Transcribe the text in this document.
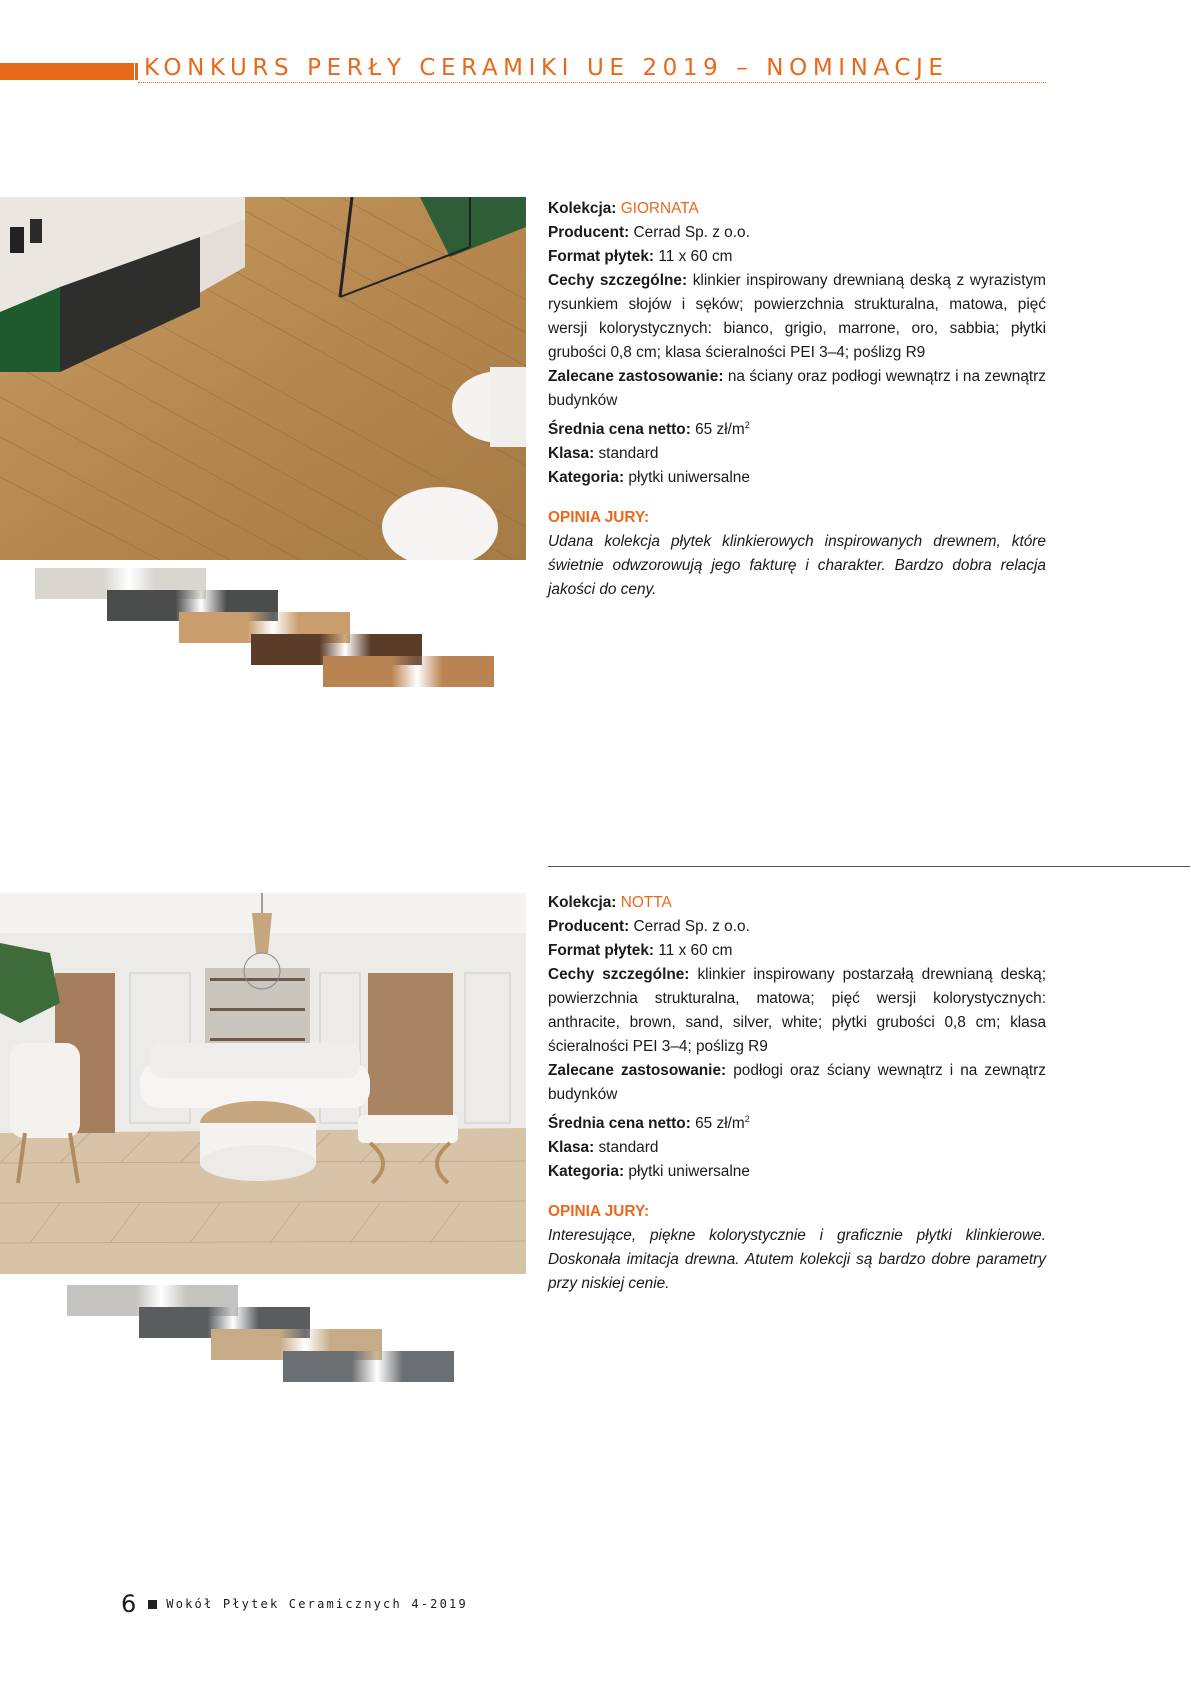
KONKURS PERŁY CERAMIKI UE 2019 – NOMINACJE

Kolekcja: GIORNATA

Producent: Cerrad Sp. z o.o.

Format płytek: 11 x 60 cm

Cechy szczególne: klinkier inspirowany drewnianą deską z wyrazistym rysunkiem słojów i sęków; powierzchnia strukturalna, matowa, pięć wersji kolorystycznych: bianco, grigio, marrone, oro, sabbia; płytki grubości 0,8 cm; klasa ścieralności PEI 3–4; poślizg R9

Zalecane zastosowanie: na ściany oraz podłogi wewnątrz i na zewnątrz budynków

Średnia cena netto: 65 $zł/m^2$

Klasa: standard

Kategoria: płytki uniwersalne

OPINIA JURY:

Udana kolekcja płytek klinkierowych inspirowanych drewnem, które świetnie odwzorowują jego fakturę i charakter. Bardzo dobra relacja jakości do ceny.

Kolekcja: NOTTA

Producent: Cerrad Sp. z o.o.

Format płytek: 11 x 60 cm

Cechy szczególne: klinkier inspirowany postarzałą drewnianą deską; powierzchnia strukturalna, matowa; pięć wersji kolorystycznych: anthracite, brown, sand, silver, white; płytki grubości 0,8 cm; klasa ścieralności PEI 3–4; poślizg R9

Zalecane zastosowanie: podłogi oraz ściany wewnątrz i na zewnątrz budynków

Średnia cena netto: 65 $zł/m^2$

Klasa: standard

Kategoria: płytki uniwersalne

OPINIA JURY:

Interesujące, piękne kolorystycznie i graficznie płytki klinkierowe. Doskonała imitacja drewna. Atutem kolekcji są bardzo dobre parametry przy niskiej cenie.

6	Wokół Płytek Ceramicznych 4-2019
